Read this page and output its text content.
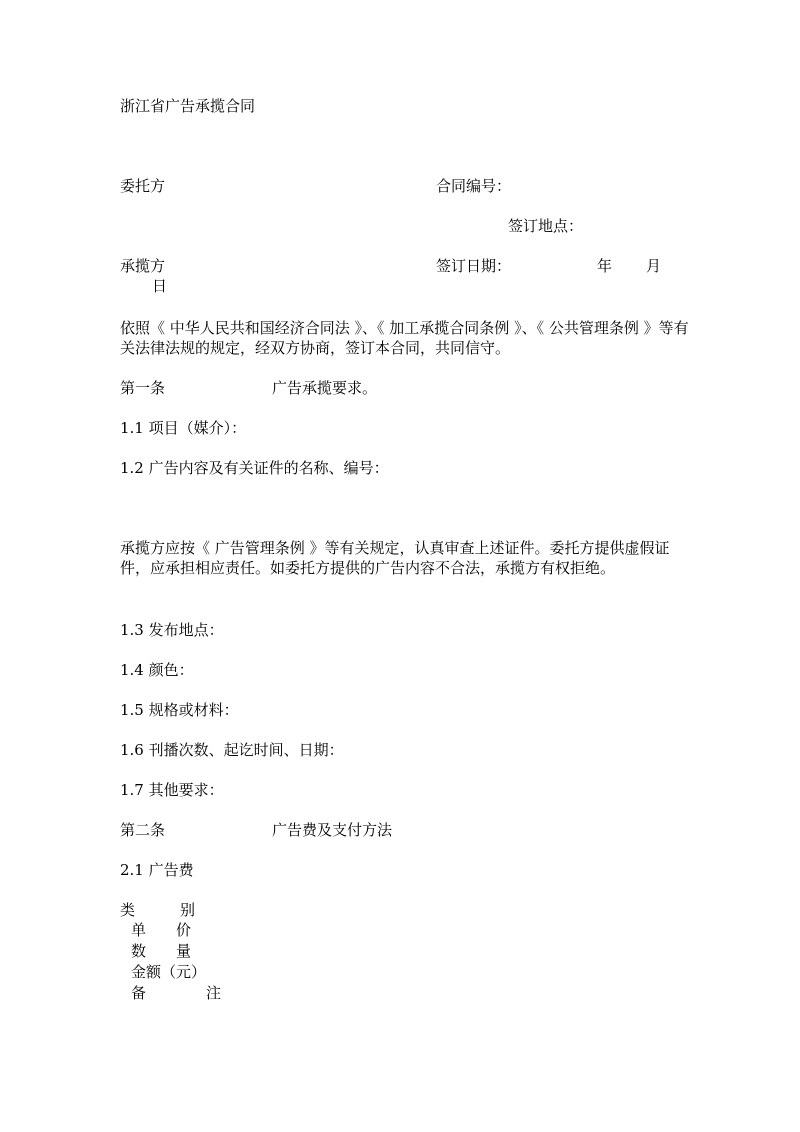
浙江省广告承揽合同

委托方	合同编号：

签订地点：

承揽方	签订日期：	年 月

日

依照《 中华人民共和国经济合同法 》、《 加工承揽合同条例 》、《 公共管理条例 》等有关法律法规的规定，经双方协商，签订本合同，共同信守。

第一条	广告承揽要求。

1.1 项目（媒介）：

1.2 广告内容及有关证件的名称、编号：

承揽方应按《 广告管理条例 》等有关规定，认真审查上述证件。委托方提供虚假证件，应承担相应责任。如委托方提供的广告内容不合法，承揽方有权拒绝。

1.3 发布地点：

1.4 颜色：

1.5 规格或材料：

1.6 刊播次数、起讫时间、日期：

1.7 其他要求：

第二条	广告费及支付方法

2.1 广告费

类　　　别

单　　价

数　　量

金额（元）

备　　　　注
